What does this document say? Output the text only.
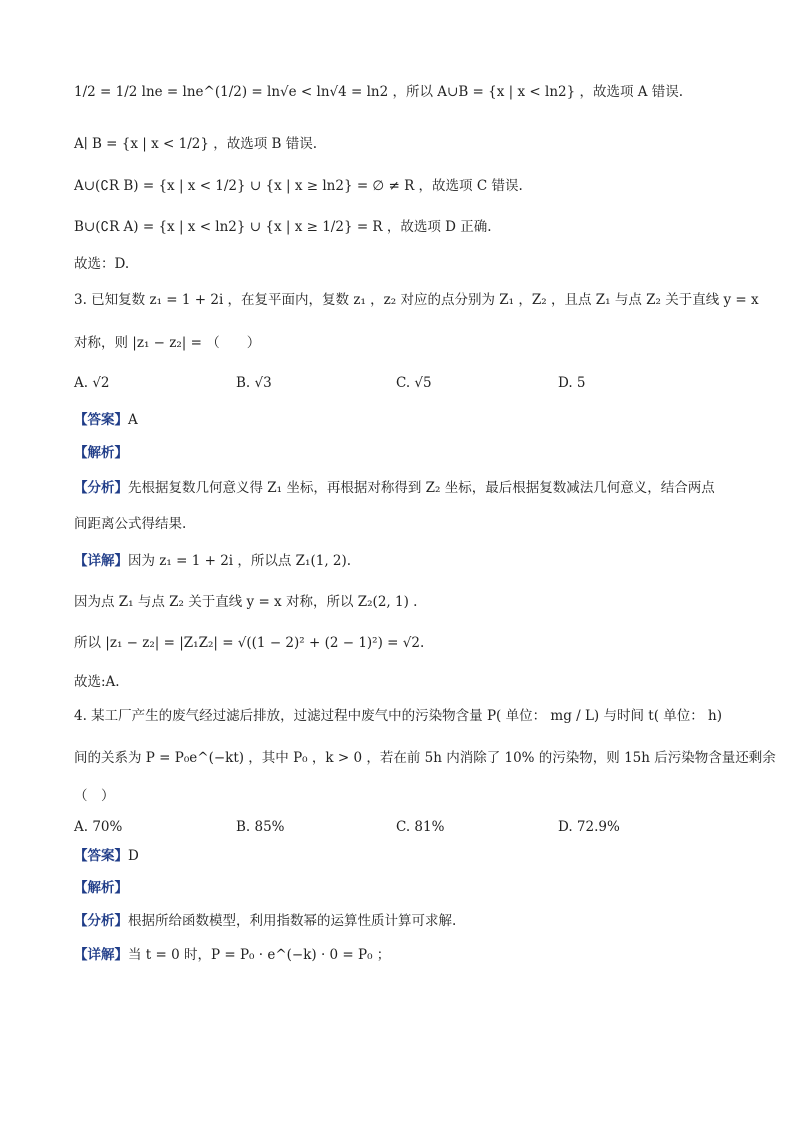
1/2 = 1/2 lne = lne^(1/2) = ln√e < ln√4 = ln2 ，所以 A∪B = {x | x < ln2} ，故选项 A 错误.
A∣ B = {x | x < 1/2} ，故选项 B 错误.
A∪(∁R B) = {x | x < 1/2} ∪ {x | x ≥ ln2} = ∅ ≠ R ，故选项 C 错误.
B∪(∁R A) = {x | x < ln2} ∪ {x | x ≥ 1/2} = R ，故选项 D 正确.
故选：D.
3. 已知复数 z₁ = 1 + 2i ，在复平面内，复数 z₁ ，z₂ 对应的点分别为 Z₁ ，Z₂ ，且点 Z₁ 与点 Z₂ 关于直线 y = x
对称，则 |z₁ − z₂| = （　　）
A. √2	B. √3	C. √5	D. 5
【答案】A
【解析】
【分析】先根据复数几何意义得 Z₁ 坐标，再根据对称得到 Z₂ 坐标，最后根据复数减法几何意义，结合两点
间距离公式得结果.
【详解】因为 z₁ = 1 + 2i ，所以点 Z₁(1, 2).
因为点 Z₁ 与点 Z₂ 关于直线 y = x 对称，所以 Z₂(2, 1) .
所以 |z₁ − z₂| = |Z₁Z₂| = √((1 − 2)² + (2 − 1)²) = √2.
故选:A.
4. 某工厂产生的废气经过滤后排放，过滤过程中废气中的污染物含量 P( 单位： mg / L) 与时间 t( 单位： h)
间的关系为 P = P₀e^(−kt) ，其中 P₀ ，k > 0 ，若在前 5h 内消除了 10% 的污染物，则 15h 后污染物含量还剩余
（　）
A. 70%	B. 85%	C. 81%	D. 72.9%
【答案】D
【解析】
【分析】根据所给函数模型，利用指数幂的运算性质计算可求解.
【详解】当 t = 0 时，P = P₀ · e^(−k) · 0 = P₀ ；
